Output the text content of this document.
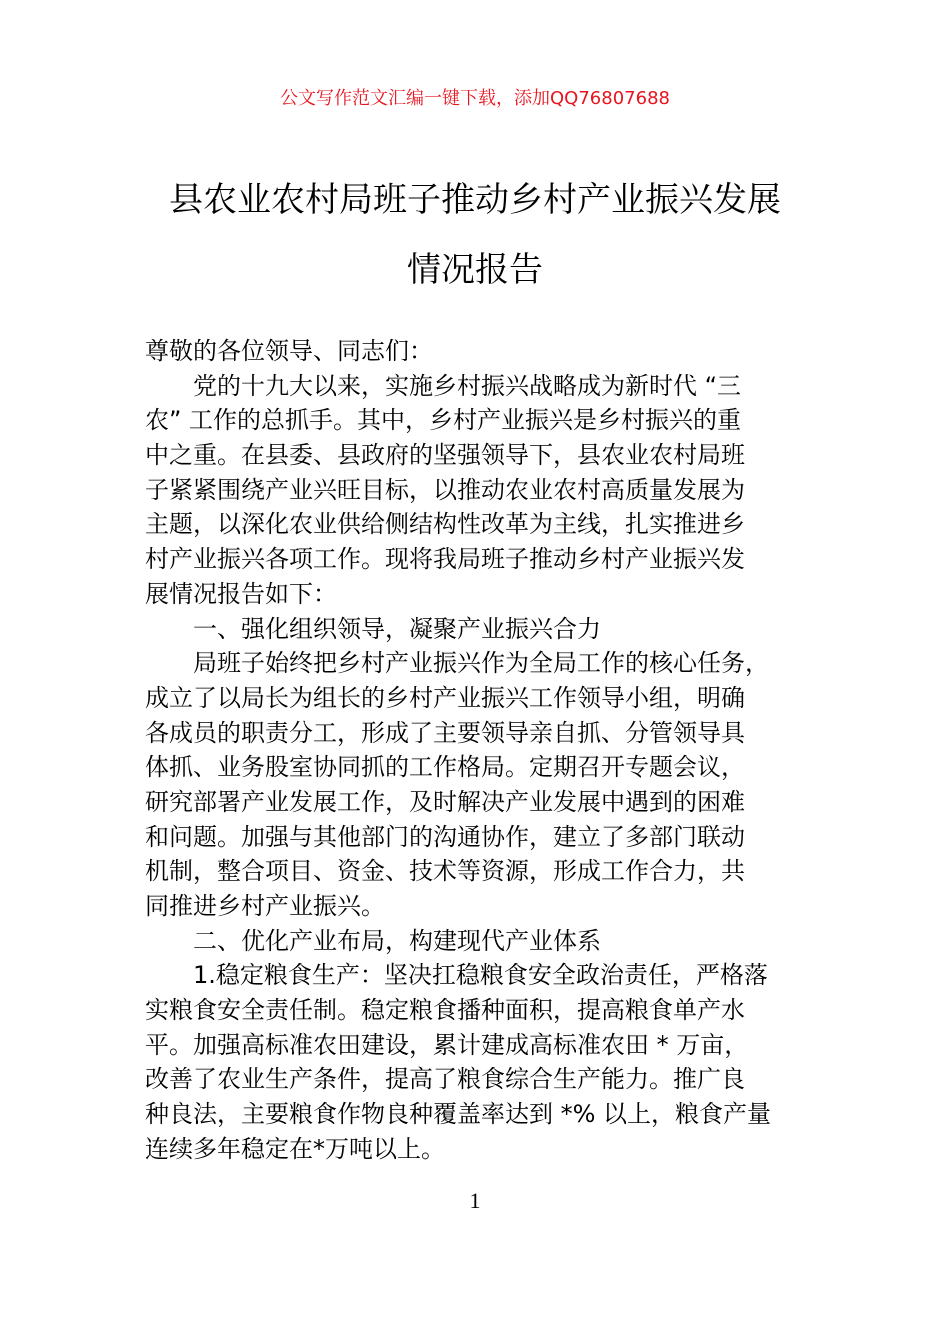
公文写作范文汇编一键下载，添加QQ76807688
县农业农村局班子推动乡村产业振兴发展
情况报告
尊敬的各位领导、同志们：
党的十九大以来，实施乡村振兴战略成为新时代 “三
农” 工作的总抓手。其中，乡村产业振兴是乡村振兴的重
中之重。在县委、县政府的坚强领导下，县农业农村局班
子紧紧围绕产业兴旺目标，以推动农业农村高质量发展为
主题，以深化农业供给侧结构性改革为主线，扎实推进乡
村产业振兴各项工作。现将我局班子推动乡村产业振兴发
展情况报告如下：
一、强化组织领导，凝聚产业振兴合力
局班子始终把乡村产业振兴作为全局工作的核心任务，
成立了以局长为组长的乡村产业振兴工作领导小组，明确
各成员的职责分工，形成了主要领导亲自抓、分管领导具
体抓、业务股室协同抓的工作格局。定期召开专题会议，
研究部署产业发展工作，及时解决产业发展中遇到的困难
和问题。加强与其他部门的沟通协作，建立了多部门联动
机制，整合项目、资金、技术等资源，形成工作合力，共
同推进乡村产业振兴。
二、优化产业布局，构建现代产业体系
1.稳定粮食生产：坚决扛稳粮食安全政治责任，严格落
实粮食安全责任制。稳定粮食播种面积，提高粮食单产水
平。加强高标准农田建设，累计建成高标准农田 * 万亩，
改善了农业生产条件，提高了粮食综合生产能力。推广良
种良法，主要粮食作物良种覆盖率达到 *% 以上，粮食产量
连续多年稳定在*万吨以上。
1
